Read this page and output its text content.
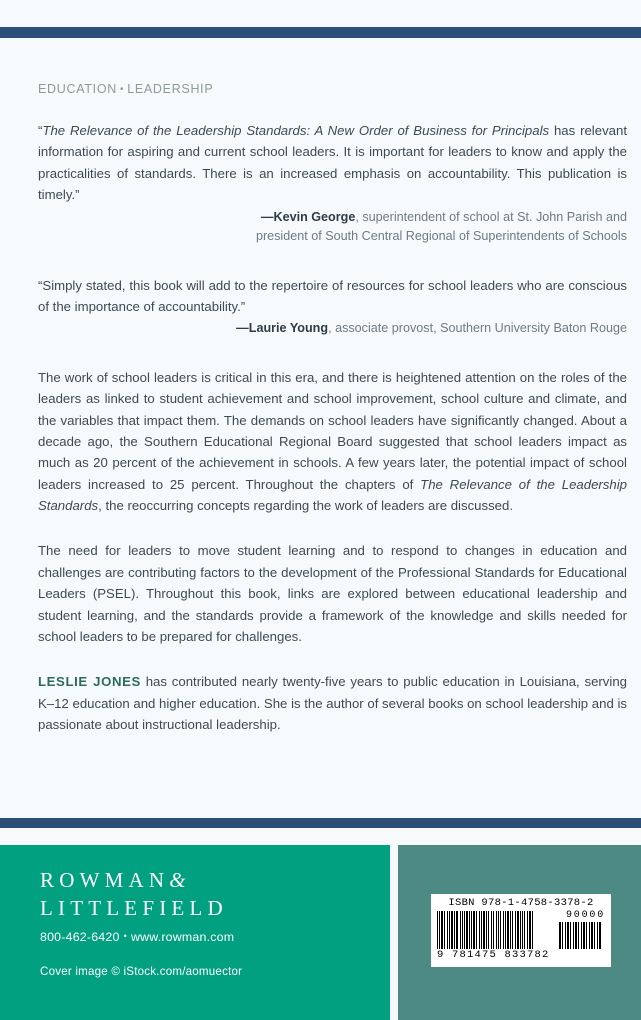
EDUCATION • LEADERSHIP

“The Relevance of the Leadership Standards: A New Order of Business for Principals has relevant information for aspiring and current school leaders. It is important for leaders to know and apply the practicalities of standards. There is an increased emphasis on accountability. This publication is timely.”

—Kevin George, superintendent of school at St. John Parish and

president of South Central Regional of Superintendents of Schools

“Simply stated, this book will add to the repertoire of resources for school leaders who are conscious of the importance of accountability.”

—Laurie Young, associate provost, Southern University Baton Rouge

The work of school leaders is critical in this era, and there is heightened attention on the roles of the leaders as linked to student achievement and school improvement, school culture and climate, and the variables that impact them. The demands on school leaders have significantly changed. About a decade ago, the Southern Educational Regional Board suggested that school leaders impact as much as 20 percent of the achievement in schools. A few years later, the potential impact of school leaders increased to 25 percent. Throughout the chapters of The Relevance of the Leadership Standards, the reoccurring concepts regarding the work of leaders are discussed.

The need for leaders to move student learning and to respond to changes in education and challenges are contributing factors to the development of the Professional Standards for Educational Leaders (PSEL). Throughout this book, links are explored between educational leadership and student learning, and the standards provide a framework of the knowledge and skills needed for school leaders to be prepared for challenges.

LESLIE JONES has contributed nearly twenty-five years to public education in Louisiana, serving K–12 education and higher education. She is the author of several books on school leadership and is passionate about instructional leadership.

ROWMAN&
LITTLEFIELD
800-462-6420 • www.rowman.com
Cover image © iStock.com/aomuector
ISBN 978-1-4758-3378-2
90000
9 781475 833782
